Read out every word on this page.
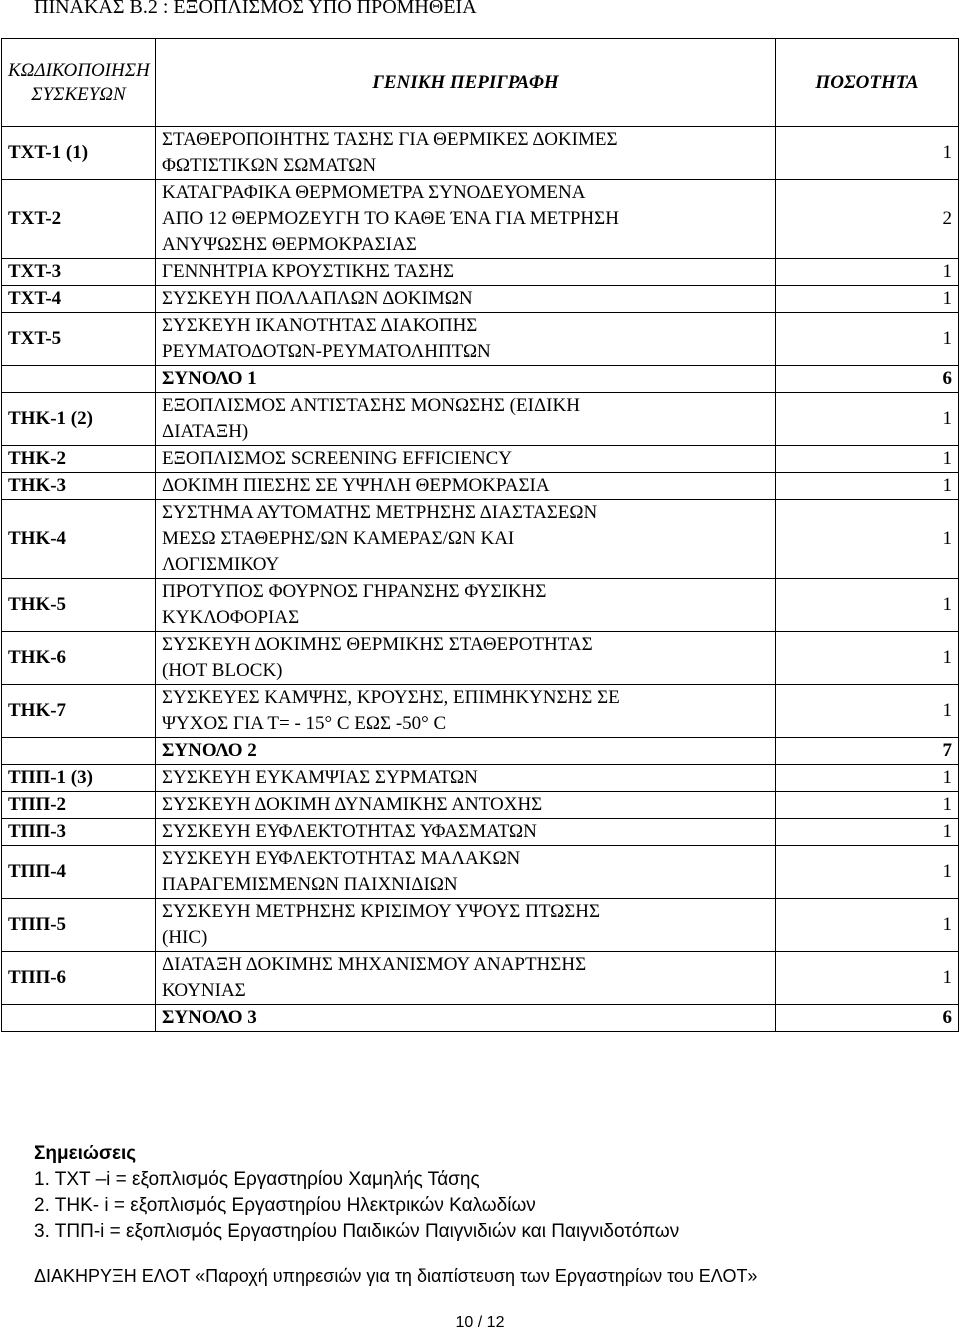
ΠΙΝΑΚΑΣ Β.2 : ΕΞΟΠΛΙΣΜΟΣ ΥΠΟ ΠΡΟΜΗΘΕΙΑ
ΚΩΔΙΚΟΠΟΙΗΣΗ ΣΥΣΚΕΥΩΝ	ΓΕΝΙΚΗ ΠΕΡΙΓΡΑΦΗ	ΠΟΣΟΤΗΤΑ
ΤΧΤ-1 (1)	ΣΤΑΘΕΡΟΠΟΙΗΤΗΣ ΤΑΣΗΣ ΓΙΑ ΘΕΡΜΙΚΕΣ ΔΟΚΙΜΕΣ
ΦΩΤΙΣΤΙΚΩΝ ΣΩΜΑΤΩΝ	1
ΤΧΤ-2	ΚΑΤΑΓΡΑΦΙΚΑ ΘΕΡΜΟΜΕΤΡΑ ΣΥΝΟΔΕΥΟΜΕΝΑ
ΑΠΟ 12 ΘΕΡΜΟΖΕΥΓΗ ΤΟ ΚΑΘΕ ΈΝΑ ΓΙΑ ΜΕΤΡΗΣΗ
ΑΝΥΨΩΣΗΣ ΘΕΡΜΟΚΡΑΣΙΑΣ	2
ΤΧΤ-3	ΓΕΝΝΗΤΡΙΑ ΚΡΟΥΣΤΙΚΗΣ ΤΑΣΗΣ	1
ΤΧΤ-4	ΣΥΣΚΕΥΗ ΠΟΛΛΑΠΛΩΝ ΔΟΚΙΜΩΝ	1
ΤΧΤ-5	ΣΥΣΚΕΥΗ ΙΚΑΝΟΤΗΤΑΣ ΔΙΑΚΟΠΗΣ
ΡΕΥΜΑΤΟΔΟΤΩΝ-ΡΕΥΜΑΤΟΛΗΠΤΩΝ	1
	ΣΥΝΟΛΟ 1	6
ΤΗΚ-1 (2)	ΕΞΟΠΛΙΣΜΟΣ ΑΝΤΙΣΤΑΣΗΣ ΜΟΝΩΣΗΣ (ΕΙΔΙΚΗ
ΔΙΑΤΑΞΗ)	1
ΤΗΚ-2	ΕΞΟΠΛΙΣΜΟΣ SCREENING EFFICIENCY	1
ΤΗΚ-3	ΔΟΚΙΜΗ ΠΙΕΣΗΣ ΣΕ ΥΨΗΛΗ ΘΕΡΜΟΚΡΑΣΙΑ	1
ΤΗΚ-4	ΣΥΣΤΗΜΑ ΑΥΤΟΜΑΤΗΣ ΜΕΤΡΗΣΗΣ ΔΙΑΣΤΑΣΕΩΝ
ΜΕΣΩ ΣΤΑΘΕΡΗΣ/ΩΝ ΚΑΜΕΡΑΣ/ΩΝ ΚΑΙ
ΛΟΓΙΣΜΙΚΟΥ	1
ΤΗΚ-5	ΠΡΟΤΥΠΟΣ ΦΟΥΡΝΟΣ ΓΗΡΑΝΣΗΣ ΦΥΣΙΚΗΣ
ΚΥΚΛΟΦΟΡΙΑΣ	1
ΤΗΚ-6	ΣΥΣΚΕΥΗ ΔΟΚΙΜΗΣ ΘΕΡΜΙΚΗΣ ΣΤΑΘΕΡΟΤΗΤΑΣ
(HOT BLOCK)	1
ΤΗΚ-7	ΣΥΣΚΕΥΕΣ ΚΑΜΨΗΣ, ΚΡΟΥΣΗΣ, ΕΠΙΜΗΚΥΝΣΗΣ ΣΕ
ΨΥΧΟΣ ΓΙΑ Τ= - 15° C ΕΩΣ -50° C	1
	ΣΥΝΟΛΟ 2	7
ΤΠΠ-1 (3)	ΣΥΣΚΕΥΗ ΕΥΚΑΜΨΙΑΣ ΣΥΡΜΑΤΩΝ	1
ΤΠΠ-2	ΣΥΣΚΕΥΗ ΔΟΚΙΜΗ ΔΥΝΑΜΙΚΗΣ ΑΝΤΟΧΗΣ	1
ΤΠΠ-3	ΣΥΣΚΕΥΗ ΕΥΦΛΕΚΤΟΤΗΤΑΣ ΥΦΑΣΜΑΤΩΝ	1
ΤΠΠ-4	ΣΥΣΚΕΥΗ ΕΥΦΛΕΚΤΟΤΗΤΑΣ ΜΑΛΑΚΩΝ
ΠΑΡΑΓΕΜΙΣΜΕΝΩΝ ΠΑΙΧΝΙΔΙΩΝ	1
ΤΠΠ-5	ΣΥΣΚΕΥΗ ΜΕΤΡΗΣΗΣ ΚΡΙΣΙΜΟΥ ΥΨΟΥΣ ΠΤΩΣΗΣ
(HIC)	1
ΤΠΠ-6	ΔΙΑΤΑΞΗ ΔΟΚΙΜΗΣ ΜΗΧΑΝΙΣΜΟΥ ΑΝΑΡΤΗΣΗΣ
ΚΟΥΝΙΑΣ	1
	ΣΥΝΟΛΟ 3	6
Σημειώσεις
1. ΤΧΤ –i = εξοπλισμός Εργαστηρίου Χαμηλής Τάσης
2. ΤΗΚ- i = εξοπλισμός Εργαστηρίου Ηλεκτρικών Καλωδίων
3. ΤΠΠ-i = εξοπλισμός Εργαστηρίου Παιδικών Παιγνιδιών και Παιγνιδοτόπων
ΔΙΑΚΗΡΥΞΗ ΕΛΟΤ «Παροχή υπηρεσιών για τη διαπίστευση των Εργαστηρίων του ΕΛΟΤ»
10 / 12
